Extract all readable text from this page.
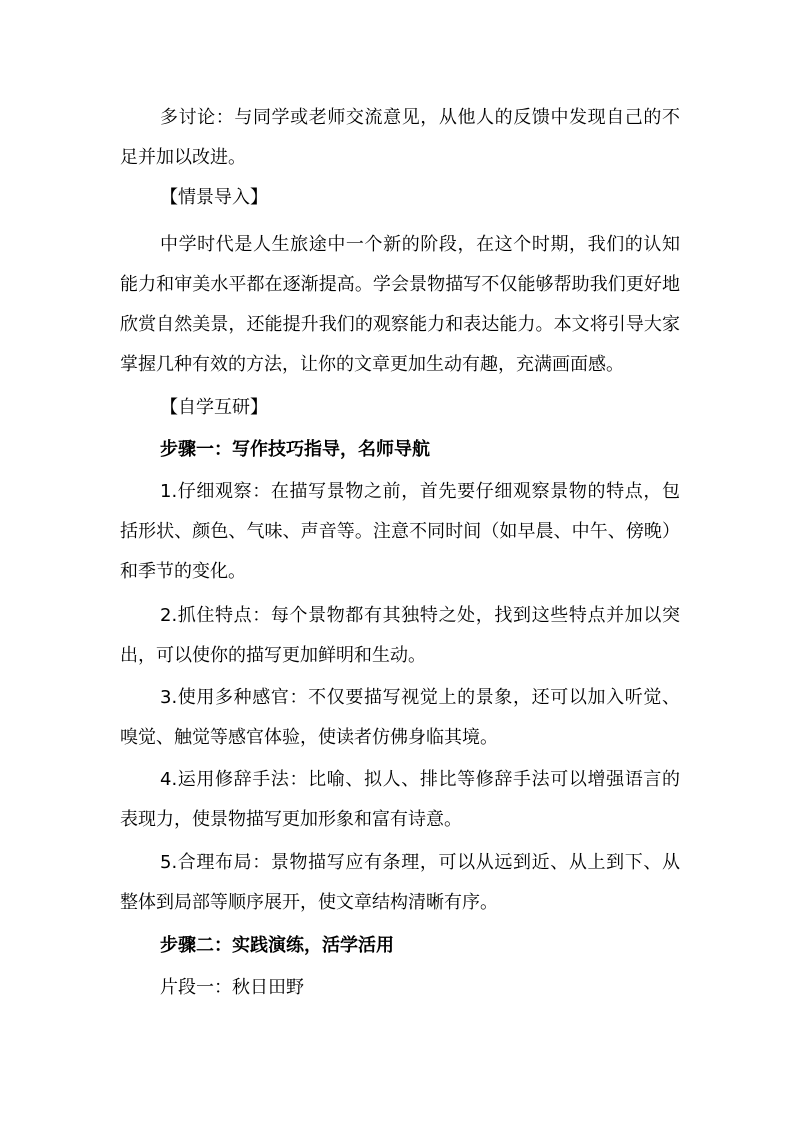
多讨论：与同学或老师交流意见，从他人的反馈中发现自己的不足并加以改进。

【情景导入】

中学时代是人生旅途中一个新的阶段，在这个时期，我们的认知能力和审美水平都在逐渐提高。学会景物描写不仅能够帮助我们更好地欣赏自然美景，还能提升我们的观察能力和表达能力。本文将引导大家掌握几种有效的方法，让你的文章更加生动有趣，充满画面感。

【自学互研】

步骤一：写作技巧指导，名师导航

1.仔细观察：在描写景物之前，首先要仔细观察景物的特点，包括形状、颜色、气味、声音等。注意不同时间（如早晨、中午、傍晚）和季节的变化。

2.抓住特点：每个景物都有其独特之处，找到这些特点并加以突出，可以使你的描写更加鲜明和生动。

3.使用多种感官：不仅要描写视觉上的景象，还可以加入听觉、嗅觉、触觉等感官体验，使读者仿佛身临其境。

4.运用修辞手法：比喻、拟人、排比等修辞手法可以增强语言的表现力，使景物描写更加形象和富有诗意。

5.合理布局：景物描写应有条理，可以从远到近、从上到下、从整体到局部等顺序展开，使文章结构清晰有序。

步骤二：实践演练，活学活用

片段一：秋日田野
